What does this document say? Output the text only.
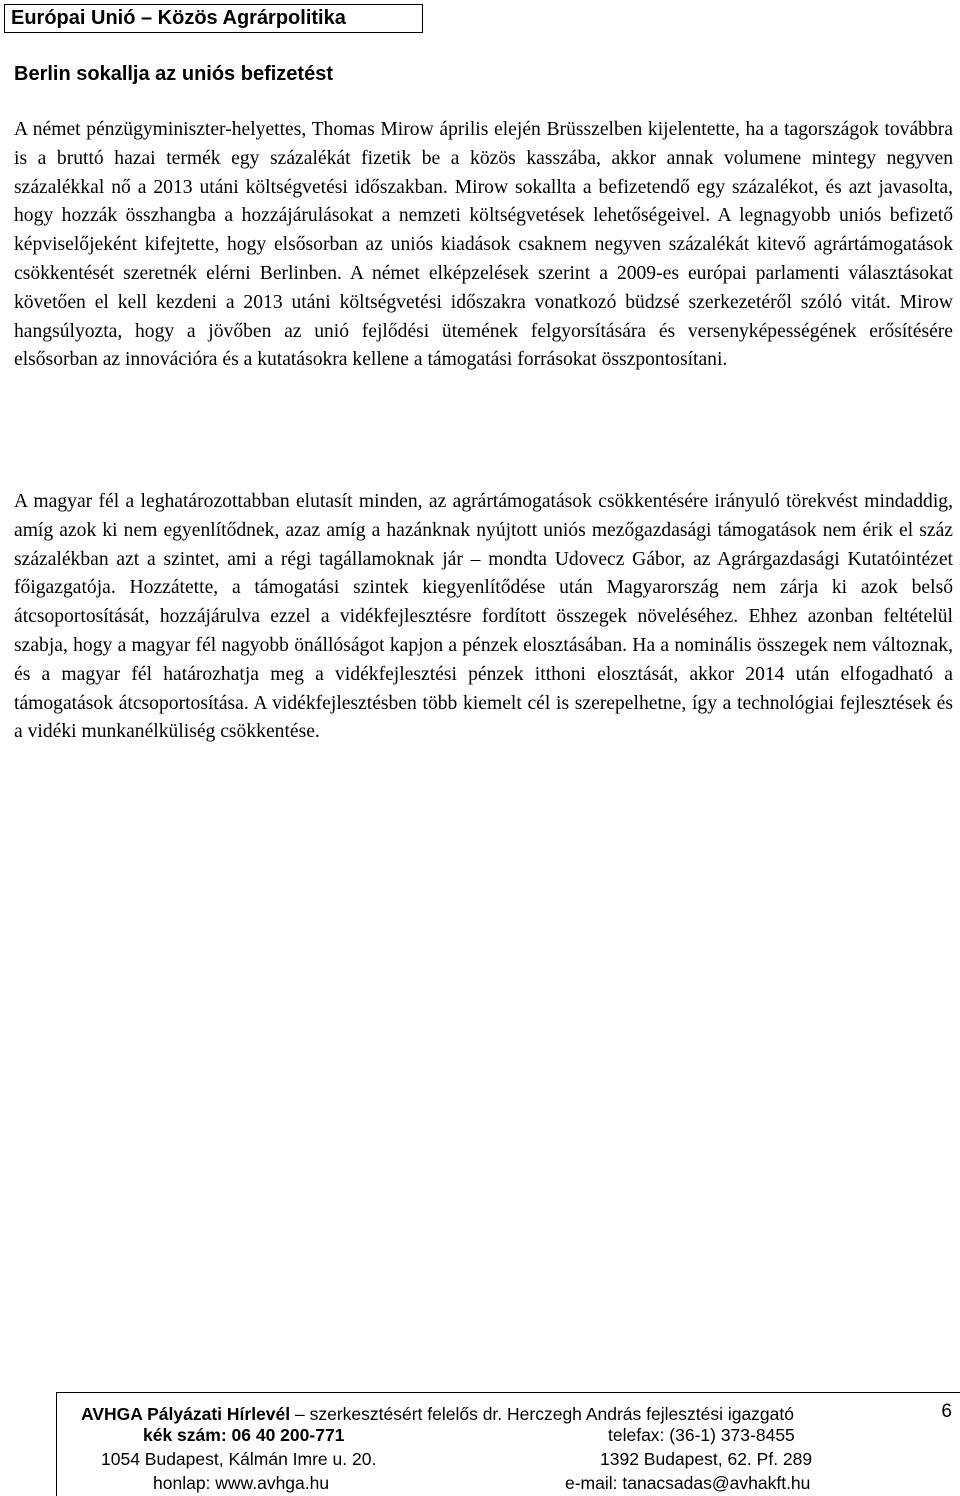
Európai Unió – Közös Agrárpolitika
Berlin sokallja az uniós befizetést

A német pénzügyminiszter-helyettes, Thomas Mirow április elején Brüsszelben kijelentette, ha a tagországok továbbra is a bruttó hazai termék egy százalékát fizetik be a közös kasszába, akkor annak volumene mintegy negyven százalékkal nő a 2013 utáni költségvetési időszakban. Mirow sokallta a befizetendő egy százalékot, és azt javasolta, hogy hozzák összhangba a hozzájárulásokat a nemzeti költségvetések lehetőségeivel. A legnagyobb uniós befizető képviselőjeként kifejtette, hogy elsősorban az uniós kiadások csaknem negyven százalékát kitevő agrártámogatások csökkentését szeretnék elérni Berlinben. A német elképzelések szerint a 2009-es európai parlamenti választásokat követően el kell kezdeni a 2013 utáni költségvetési időszakra vonatkozó büdzsé szerkezetéről szóló vitát. Mirow hangsúlyozta, hogy a jövőben az unió fejlődési ütemének felgyorsítására és versenyképességének erősítésére elsősorban az innovációra és a kutatásokra kellene a támogatási forrásokat összpontosítani.

A magyar fél a leghatározottabban elutasít minden, az agrártámogatások csökkentésére irányuló törekvést mindaddig, amíg azok ki nem egyenlítődnek, azaz amíg a hazánknak nyújtott uniós mezőgazdasági támogatások nem érik el száz százalékban azt a szintet, ami a régi tagállamoknak jár – mondta Udovecz Gábor, az Agrárgazdasági Kutatóintézet főigazgatója. Hozzátette, a támogatási szintek kiegyenlítődése után Magyarország nem zárja ki azok belső átcsoportosítását, hozzájárulva ezzel a vidékfejlesztésre fordított összegek növeléséhez. Ehhez azonban feltételül szabja, hogy a magyar fél nagyobb önállóságot kapjon a pénzek elosztásában. Ha a nominális összegek nem változnak, és a magyar fél határozhatja meg a vidékfejlesztési pénzek itthoni elosztását, akkor 2014 után elfogadható a támogatások átcsoportosítása. A vidékfejlesztésben több kiemelt cél is szerepelhetne, így a technológiai fejlesztések és a vidéki munkanélküliség csökkentése.

AVHGA Pályázati Hírlevél – szerkesztésért felelős dr. Herczegh András fejlesztési igazgató
kék szám: 06 40 200-771	telefax: (36-1) 373-8455
1054 Budapest, Kálmán Imre u. 20.	1392 Budapest, 62. Pf. 289
honlap: www.avhga.hu	e-mail: tanacsadas@avhakft.hu
6
